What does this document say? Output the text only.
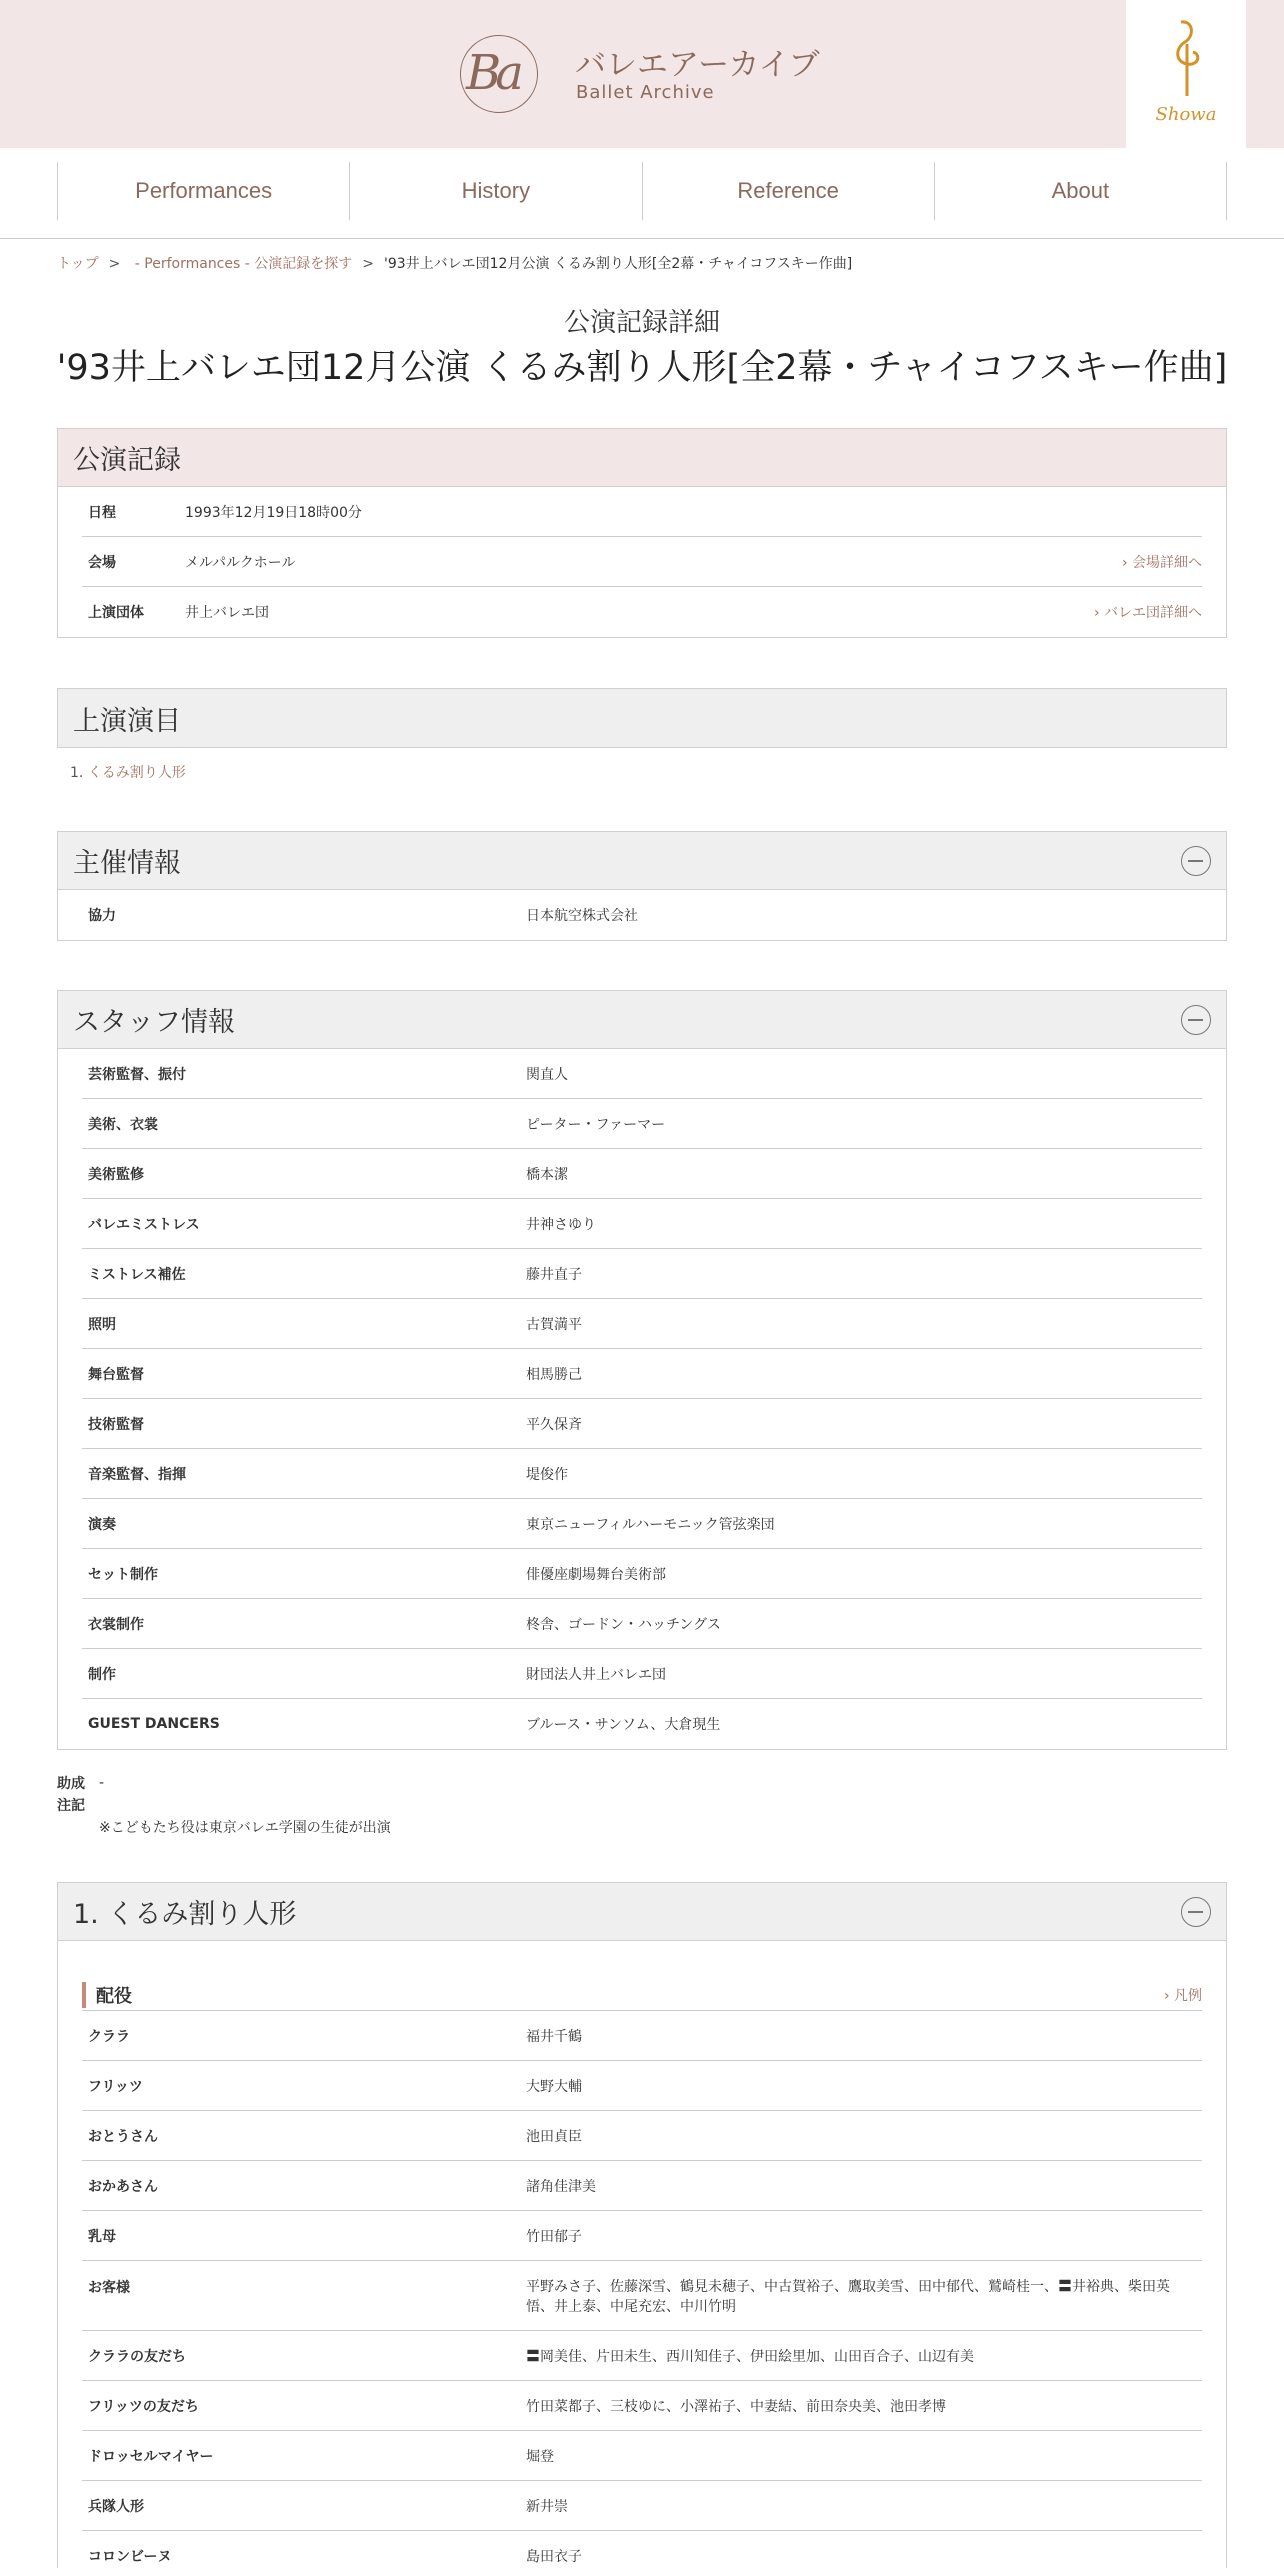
Ba バレエアーカイブ
Ballet Archive
Showa
Performances	History	Reference	About
トップ > - Performances - 公演記録を探す > '93井上バレエ団12月公演 くるみ割り人形[全2幕・チャイコフスキー作曲]
公演記録詳細
'93井上バレエ団12月公演 くるみ割り人形[全2幕・チャイコフスキー作曲]
公演記録
日程	1993年12月19日18時00分
会場	メルパルクホール	› 会場詳細へ
上演団体	井上バレエ団	› バレエ団詳細へ
上演演目
1. くるみ割り人形
主催情報
協力	日本航空株式会社
スタッフ情報
芸術監督、振付	関直人
美術、衣裳	ピーター・ファーマー
美術監修	橋本潔
バレエミストレス	井神さゆり
ミストレス補佐	藤井直子
照明	古賀満平
舞台監督	相馬勝己
技術監督	平久保斉
音楽監督、指揮	堤俊作
演奏	東京ニューフィルハーモニック管弦楽団
セット制作	俳優座劇場舞台美術部
衣裳制作	柊舎、ゴードン・ハッチングス
制作	財団法人井上バレエ団
GUEST DANCERS	ブルース・サンソム、大倉現生
助成	-
注記
※こどもたち役は東京バレエ学園の生徒が出演
1. くるみ割り人形
配役	› 凡例
クララ	福井千鶴
フリッツ	大野大輔
おとうさん	池田貞臣
おかあさん	諸角佳津美
乳母	竹田郁子
お客様	平野みさ子、佐藤深雪、鶴見未穂子、中古賀裕子、鷹取美雪、田中郁代、鷲崎桂一、〓井裕典、柴田英悟、井上泰、中尾充宏、中川竹明
クララの友だち	〓岡美佳、片田未生、西川知佳子、伊田絵里加、山田百合子、山辺有美
フリッツの友だち	竹田菜都子、三枝ゆに、小澤祐子、中妻結、前田奈央美、池田孝博
ドロッセルマイヤー	堀登
兵隊人形	新井崇
コロンビーヌ	島田衣子
